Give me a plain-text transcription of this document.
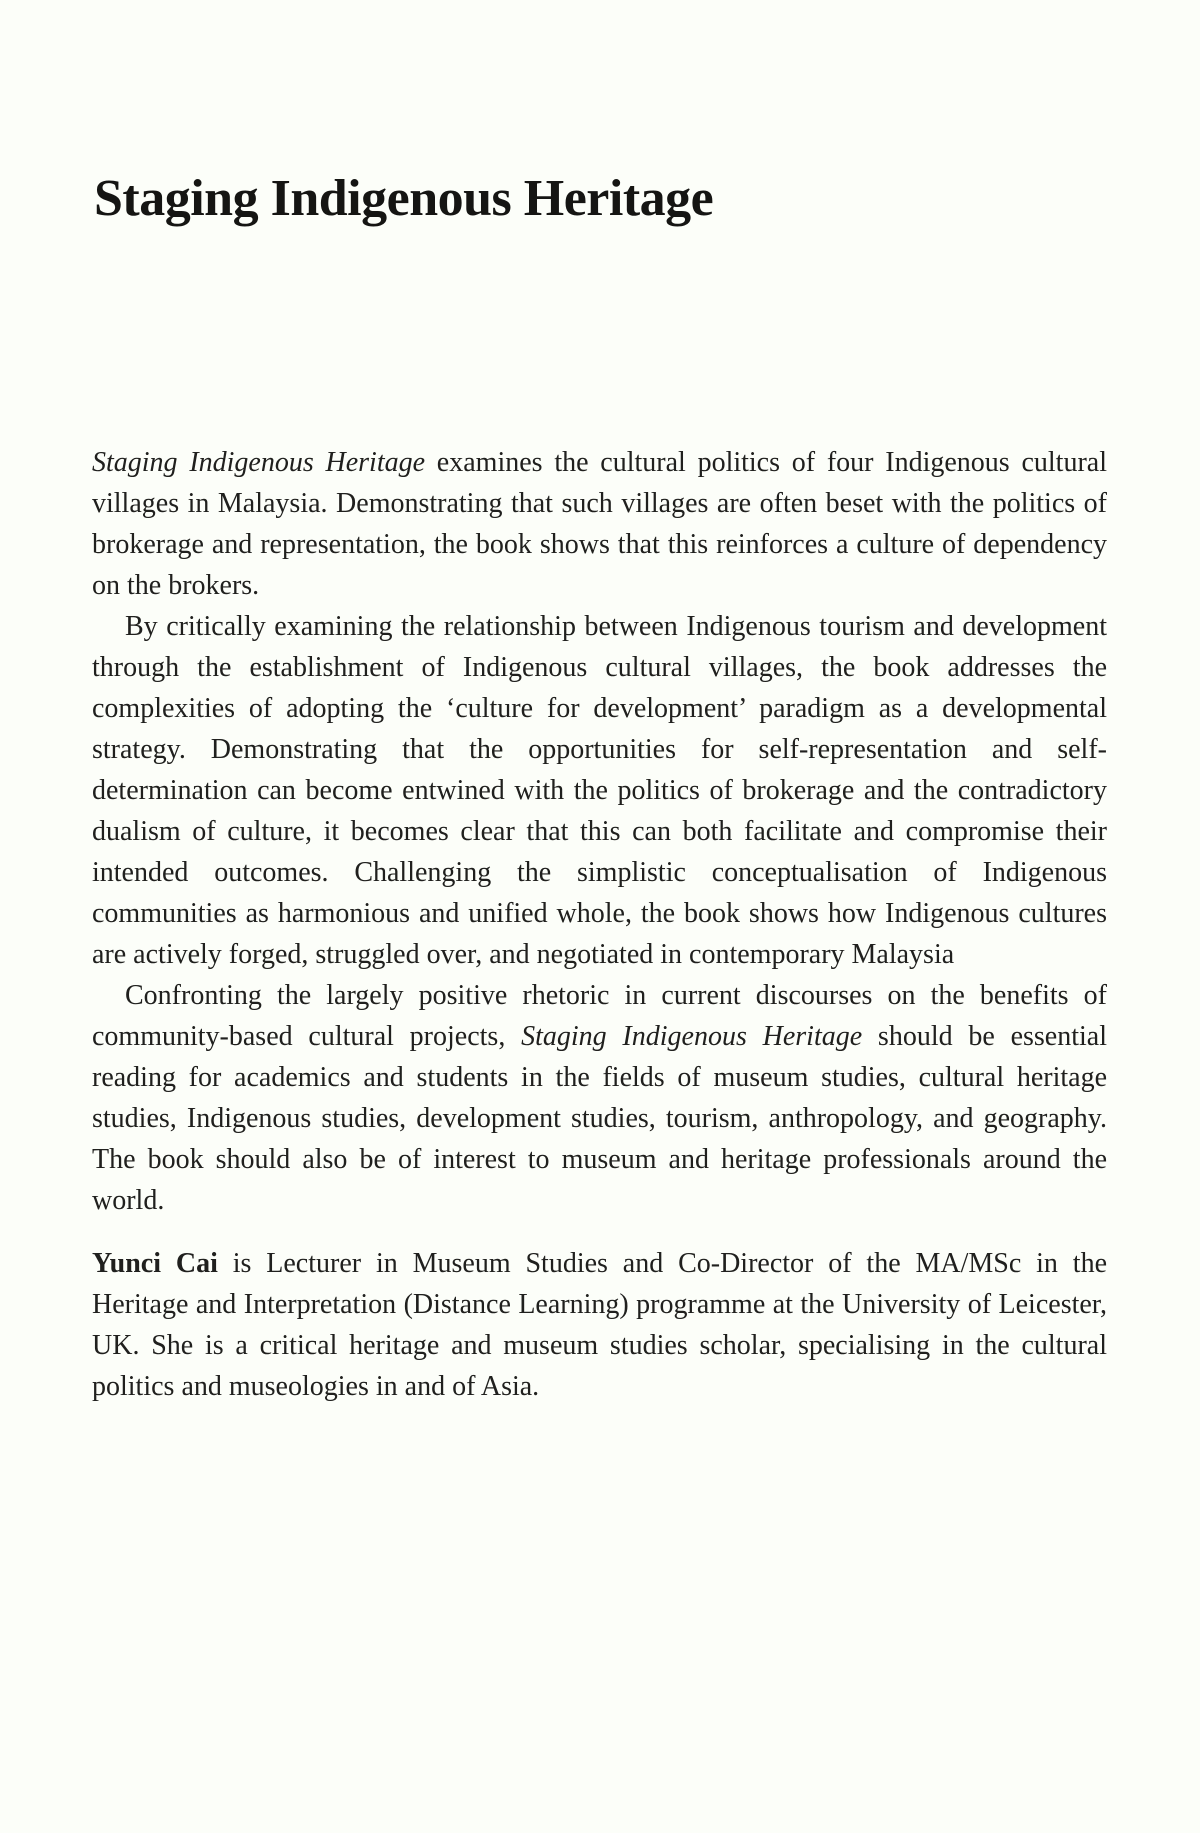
Staging Indigenous Heritage

Staging Indigenous Heritage examines the cultural politics of four Indigenous cultural villages in Malaysia. Demonstrating that such villages are often beset with the politics of brokerage and representation, the book shows that this reinforces a culture of dependency on the brokers.

By critically examining the relationship between Indigenous tourism and development through the establishment of Indigenous cultural villages, the book addresses the complexities of adopting the ‘culture for development’ paradigm as a developmental strategy. Demonstrating that the opportunities for self-representation and self-determination can become entwined with the politics of brokerage and the contradictory dualism of culture, it becomes clear that this can both facilitate and compromise their intended outcomes. Challenging the simplistic conceptualisation of Indigenous communities as harmonious and unified whole, the book shows how Indigenous cultures are actively forged, struggled over, and negotiated in contemporary Malaysia

Confronting the largely positive rhetoric in current discourses on the benefits of community-based cultural projects, Staging Indigenous Heritage should be essential reading for academics and students in the fields of museum studies, cultural heritage studies, Indigenous studies, development studies, tourism, anthropology, and geography. The book should also be of interest to museum and heritage professionals around the world.

Yunci Cai is Lecturer in Museum Studies and Co-Director of the MA/MSc in the Heritage and Interpretation (Distance Learning) programme at the University of Leicester, UK. She is a critical heritage and museum studies scholar, specialising in the cultural politics and museologies in and of Asia.
